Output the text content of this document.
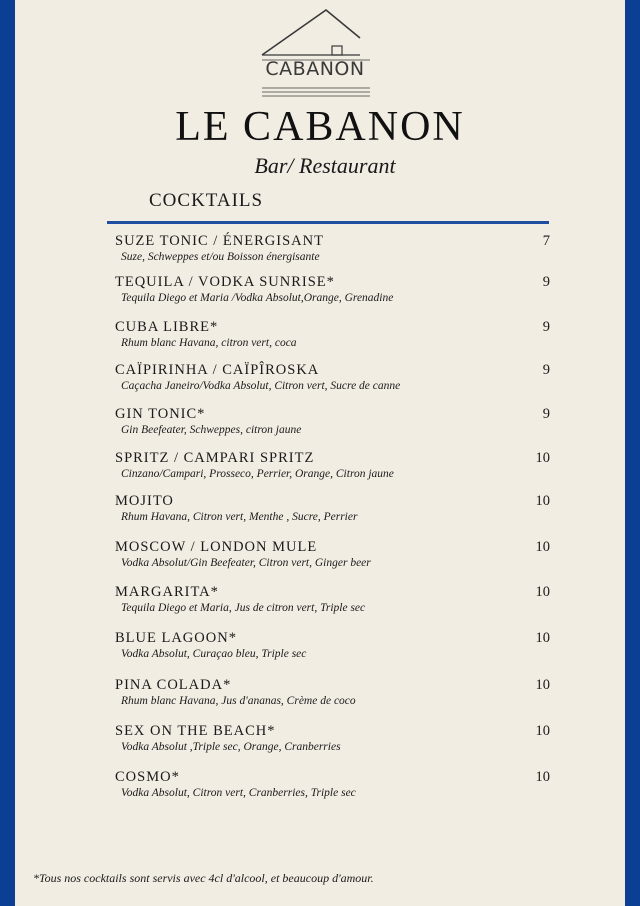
CABANON
LE CABANON
Bar/ Restaurant
COCKTAILS
SUZE TONIC / ÉNERGISANT
Suze, Schweppes et/ou Boisson énergisante
7
TEQUILA / VODKA SUNRISE*
Tequila Diego et Maria /Vodka Absolut,Orange, Grenadine
9
CUBA LIBRE*
Rhum blanc Havana, citron vert, coca
9
CAÏPIRINHA / CAÏPÎROSKA
Caçacha Janeiro/Vodka Absolut, Citron vert, Sucre de canne
9
GIN TONIC*
Gin Beefeater, Schweppes, citron jaune
9
SPRITZ / CAMPARI SPRITZ
Cinzano/Campari, Prosseco, Perrier, Orange, Citron jaune
10
MOJITO
Rhum Havana, Citron vert, Menthe , Sucre, Perrier
10
MOSCOW / LONDON MULE
Vodka Absolut/Gin Beefeater, Citron vert, Ginger beer
10
MARGARITA*
Tequila Diego et Maria, Jus de citron vert, Triple sec
10
BLUE LAGOON*
Vodka Absolut, Curaçao bleu, Triple sec
10
PINA COLADA*
Rhum blanc Havana, Jus d'ananas, Crème de coco
10
SEX ON THE BEACH*
Vodka Absolut ,Triple sec, Orange, Cranberries
10
COSMO*
Vodka Absolut, Citron vert, Cranberries, Triple sec
10
*Tous nos cocktails sont servis avec 4cl d'alcool, et beaucoup d'amour.
